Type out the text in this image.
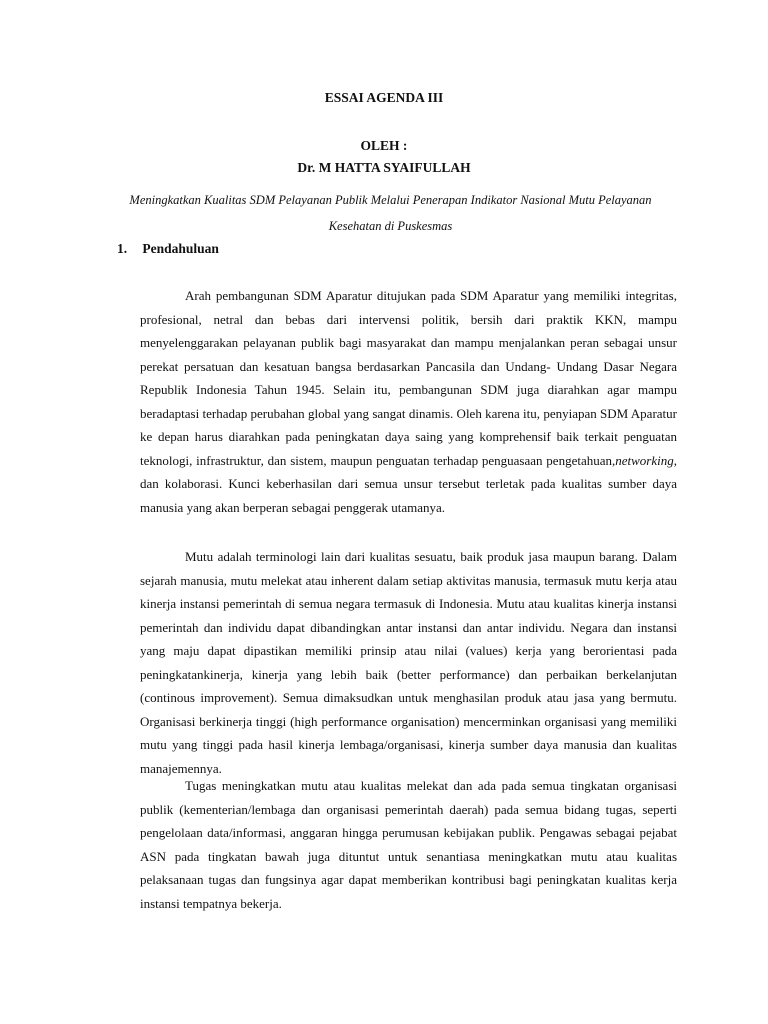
ESSAI AGENDA III
OLEH :
Dr. M HATTA SYAIFULLAH
Meningkatkan Kualitas SDM Pelayanan Publik Melalui Penerapan Indikator Nasional Mutu Pelayanan Kesehatan di Puskesmas
1. Pendahuluan

Arah pembangunan SDM Aparatur ditujukan pada SDM Aparatur yang memiliki integritas, profesional, netral dan bebas dari intervensi politik, bersih dari praktik KKN, mampu menyelenggarakan pelayanan publik bagi masyarakat dan mampu menjalankan peran sebagai unsur perekat persatuan dan kesatuan bangsa berdasarkan Pancasila dan Undang- Undang Dasar Negara Republik Indonesia Tahun 1945. Selain itu, pembangunan SDM juga diarahkan agar mampu beradaptasi terhadap perubahan global yang sangat dinamis. Oleh karena itu, penyiapan SDM Aparatur ke depan harus diarahkan pada peningkatan daya saing yang komprehensif baik terkait penguatan teknologi, infrastruktur, dan sistem, maupun penguatan terhadap penguasaan pengetahuan,networking, dan kolaborasi. Kunci keberhasilan dari semua unsur tersebut terletak pada kualitas sumber daya manusia yang akan berperan sebagai penggerak utamanya.

Mutu adalah terminologi lain dari kualitas sesuatu, baik produk jasa maupun barang. Dalam sejarah manusia, mutu melekat atau inherent dalam setiap aktivitas manusia, termasuk mutu kerja atau kinerja instansi pemerintah di semua negara termasuk di Indonesia. Mutu atau kualitas kinerja instansi pemerintah dan individu dapat dibandingkan antar instansi dan antar individu. Negara dan instansi yang maju dapat dipastikan memiliki prinsip atau nilai (values) kerja yang berorientasi pada peningkatankinerja, kinerja yang lebih baik (better performance) dan perbaikan berkelanjutan (continous improvement). Semua dimaksudkan untuk menghasilan produk atau jasa yang bermutu. Organisasi berkinerja tinggi (high performance organisation) mencerminkan organisasi yang memiliki mutu yang tinggi pada hasil kinerja lembaga/organisasi, kinerja sumber daya manusia dan kualitas manajemennya.

Tugas meningkatkan mutu atau kualitas melekat dan ada pada semua tingkatan organisasi publik (kementerian/lembaga dan organisasi pemerintah daerah) pada semua bidang tugas, seperti pengelolaan data/informasi, anggaran hingga perumusan kebijakan publik. Pengawas sebagai pejabat ASN pada tingkatan bawah juga dituntut untuk senantiasa meningkatkan mutu atau kualitas pelaksanaan tugas dan fungsinya agar dapat memberikan kontribusi bagi peningkatan kualitas kerja instansi tempatnya bekerja.
